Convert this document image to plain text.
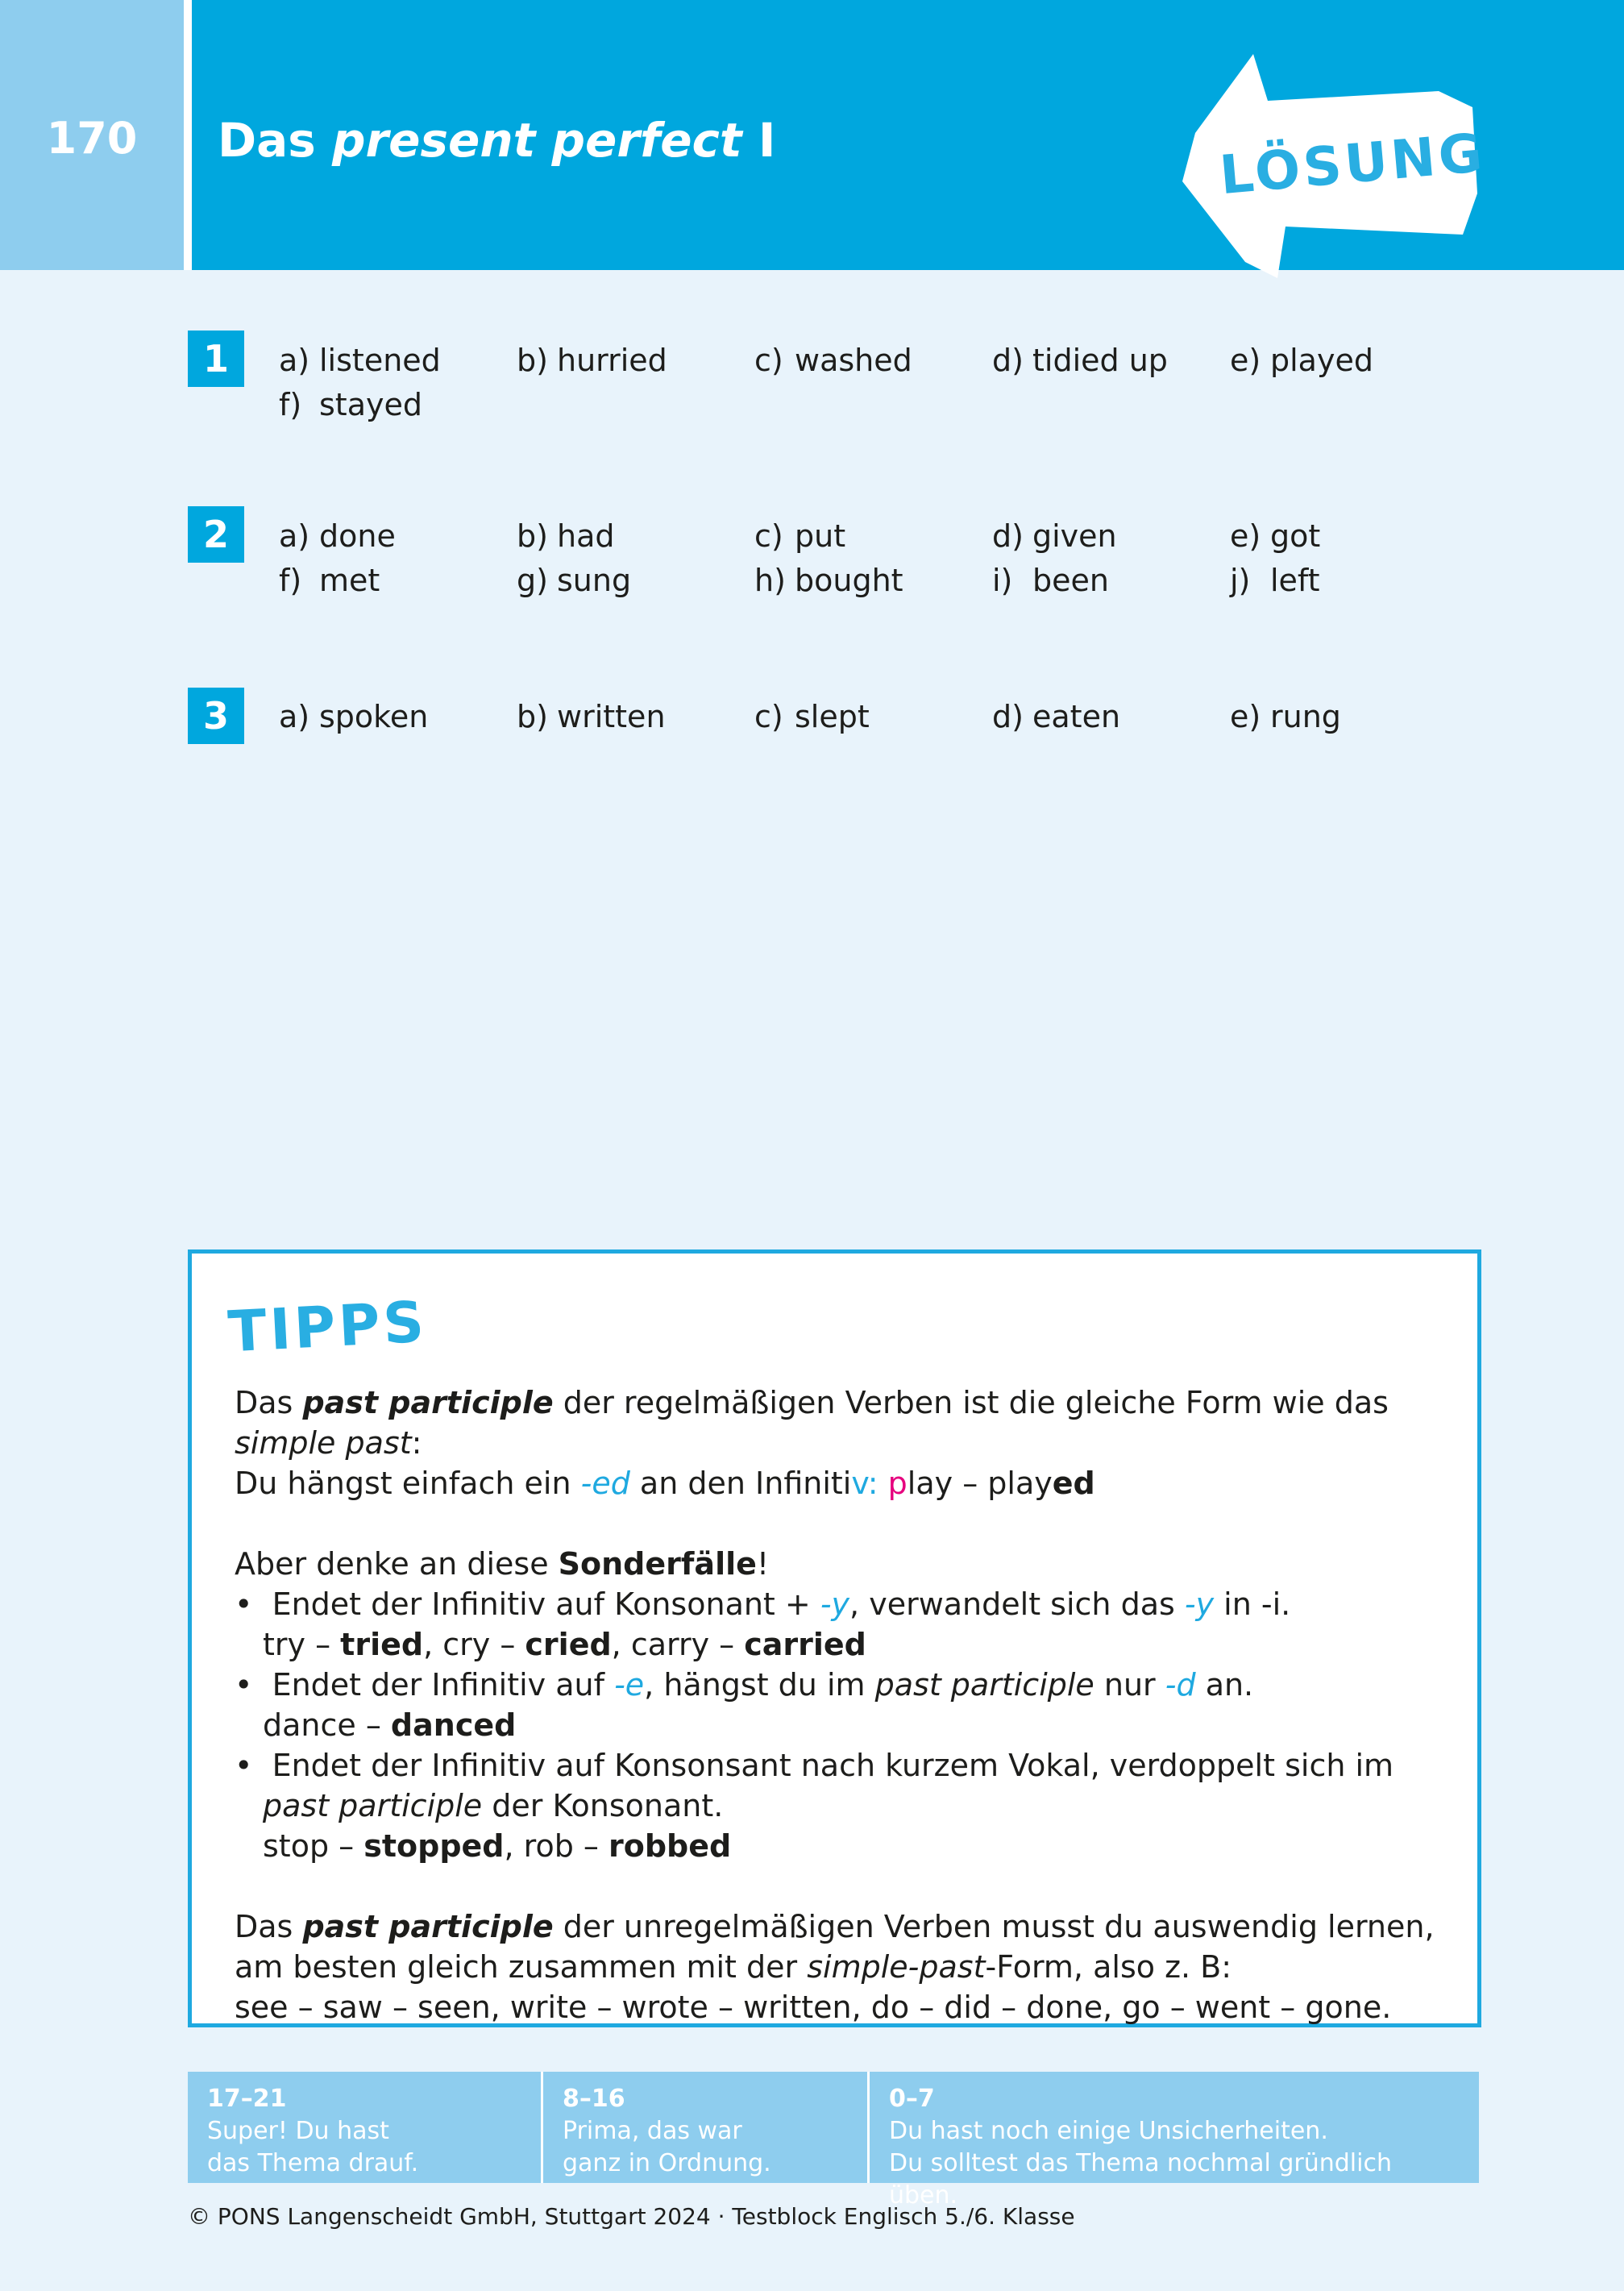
170	Das present perfect I	LÖSUNG
1	a) listened b) hurried	c) washed	d) tidied up e) played
f) stayed
2	a) done	b) had	c) put	d) given	e) got
f) met	g) sung	h) bought	i) been	j) left
3	a) spoken	b) written	c) slept	d) eaten	e) rung
TIPPS

Das past participle der regelmäßigen Verben ist die gleiche Form wie das simple past:
Du hängst einfach ein -ed an den Infinitiv: play – played

Aber denke an diese Sonderfälle!

•  Endet der Infinitiv auf Konsonant + -y, verwandelt sich das -y in -i.
try – tried, cry – cried, carry – carried

•  Endet der Infinitiv auf -e, hängst du im past participle nur -d an.
dance – danced

•  Endet der Infinitiv auf Konsonsant nach kurzem Vokal, verdoppelt sich im past participle der Konsonant.
stop – stopped, rob – robbed

Das past participle der unregelmäßigen Verben musst du auswendig lernen,
am besten gleich zusammen mit der simple-past-Form, also z. B:
see – saw – seen, write – wrote – written, do – did – done, go – went – gone.

17–21
Super! Du hast
das Thema drauf.
8–16
Prima, das war
ganz in Ordnung.
0–7
Du hast noch einige Unsicherheiten.
Du solltest das Thema nochmal gründlich üben.
© PONS Langenscheidt GmbH, Stuttgart 2024 · Testblock Englisch 5./6. Klasse
